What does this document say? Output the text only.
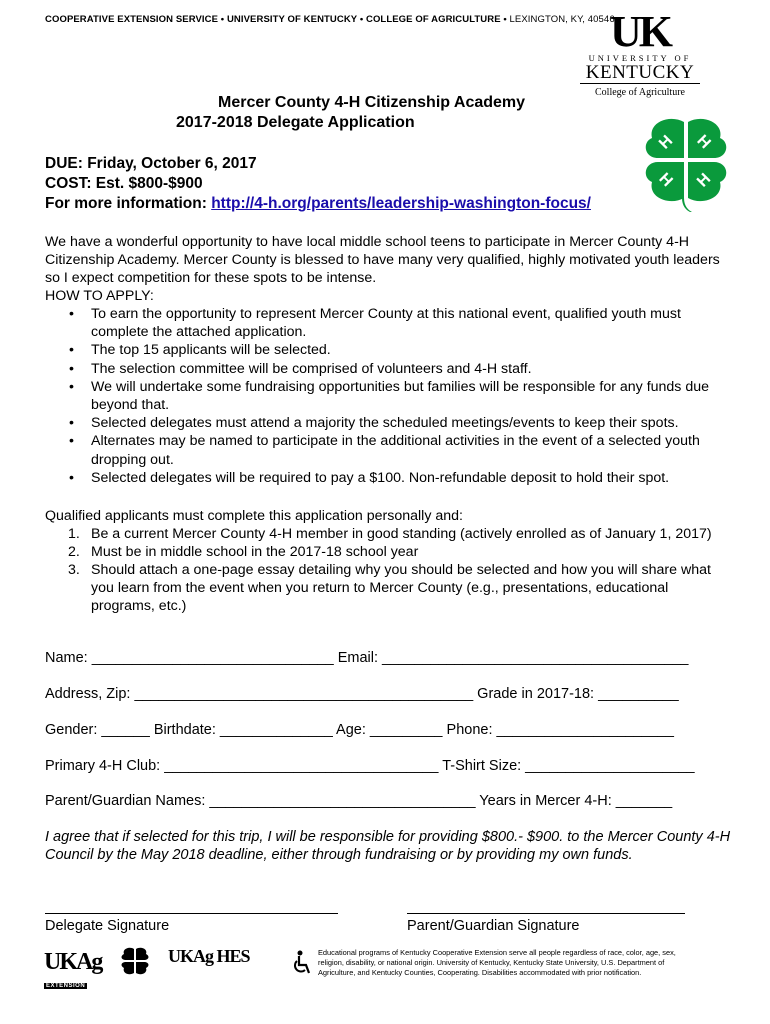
COOPERATIVE EXTENSION SERVICE • UNIVERSITY OF KENTUCKY • COLLEGE OF AGRICULTURE • LEXINGTON, KY, 40546
UK
UNIVERSITY OF
KENTUCKY
College of Agriculture
H H
H H
Mercer County 4-H Citizenship Academy
2017-2018 Delegate Application
DUE: Friday, October 6, 2017
COST: Est. $800-$900
For more information: http://4-h.org/parents/leadership-washington-focus/
We have a wonderful opportunity to have local middle school teens to participate in Mercer County 4-H Citizenship Academy. Mercer County is blessed to have many very qualified, highly motivated youth leaders so I expect competition for these spots to be intense.
HOW TO APPLY:
• To earn the opportunity to represent Mercer County at this national event, qualified youth must complete the attached application.
• The top 15 applicants will be selected.
• The selection committee will be comprised of volunteers and 4-H staff.
• We will undertake some fundraising opportunities but families will be responsible for any funds due beyond that.
• Selected delegates must attend a majority the scheduled meetings/events to keep their spots.
• Alternates may be named to participate in the additional activities in the event of a selected youth dropping out.
• Selected delegates will be required to pay a $100. Non-refundable deposit to hold their spot.
Qualified applicants must complete this application personally and:
1. Be a current Mercer County 4-H member in good standing (actively enrolled as of January 1, 2017)
2. Must be in middle school in the 2017-18 school year
3. Should attach a one-page essay detailing why you should be selected and how you will share what you learn from the event when you return to Mercer County (e.g., presentations, educational programs, etc.)
Name: ______________________________ Email: ______________________________________
Address, Zip: __________________________________________ Grade in 2017-18: __________
Gender: ______ Birthdate: ______________ Age: _________ Phone: ______________________
Primary 4-H Club: __________________________________ T-Shirt Size: _____________________
Parent/Guardian Names: _________________________________ Years in Mercer 4-H: _______
I agree that if selected for this trip, I will be responsible for providing $800.- $900. to the Mercer County 4-H Council by the May 2018 deadline, either through fundraising or by providing my own funds.
Delegate Signature	Parent/Guardian Signature
UKAg
EXTENSION
UKAg HES	Educational programs of Kentucky Cooperative Extension serve all people regardless of race, color, age, sex, religion, disability, or national origin. University of Kentucky, Kentucky State University, U.S. Department of Agriculture, and Kentucky Counties, Cooperating. Disabilities accommodated with prior notification.
